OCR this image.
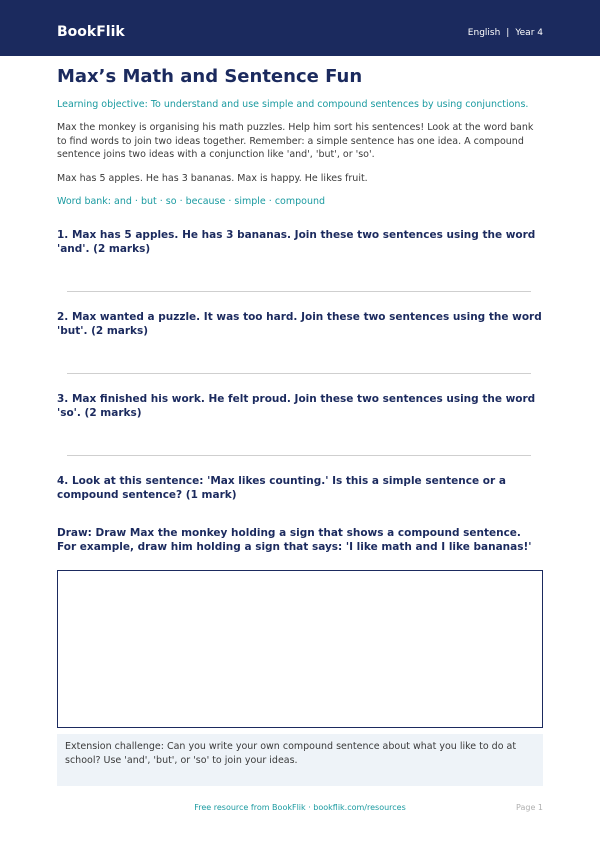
BookFlik	English | Year 4
Max’s Math and Sentence Fun

Learning objective: To understand and use simple and compound sentences by using conjunctions.

Max the monkey is organising his math puzzles. Help him sort his sentences! Look at the word bank to find words to join two ideas together. Remember: a simple sentence has one idea. A compound sentence joins two ideas with a conjunction like 'and', 'but', or 'so'.

Max has 5 apples. He has 3 bananas. Max is happy. He likes fruit.

Word bank: and · but · so · because · simple · compound

1. Max has 5 apples. He has 3 bananas. Join these two sentences using the word 'and'. (2 marks)

2. Max wanted a puzzle. It was too hard. Join these two sentences using the word 'but'. (2 marks)

3. Max finished his work. He felt proud. Join these two sentences using the word 'so'. (2 marks)

4. Look at this sentence: 'Max likes counting.' Is this a simple sentence or a compound sentence? (1 mark)

Draw: Draw Max the monkey holding a sign that shows a compound sentence. For example, draw him holding a sign that says: 'I like math and I like bananas!'

Extension challenge: Can you write your own compound sentence about what you like to do at school? Use 'and', 'but', or 'so' to join your ideas.
Free resource from BookFlik · bookflik.com/resources	Page 1
